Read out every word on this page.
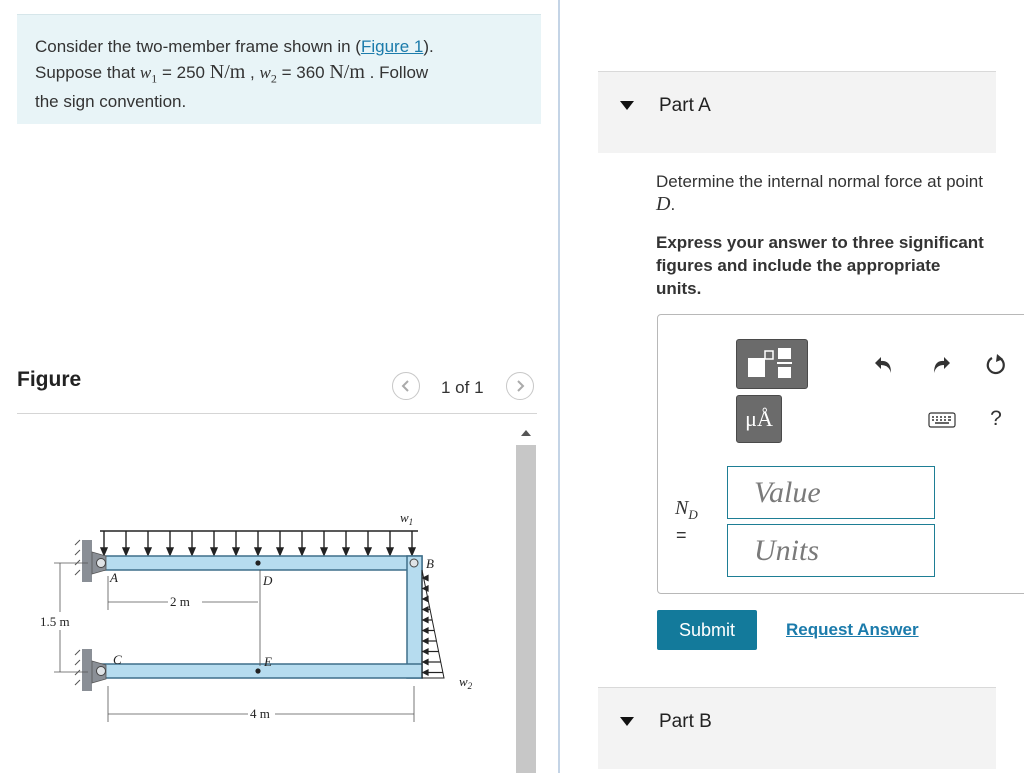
Consider the two-member frame shown in (Figure 1).
Suppose that $w_1 = 250$ N/m , $w_2 = 360$ N/m . Follow
the sign convention.
Figure	1 of 1
$w_1$
$w_2$
A
B
C
D
E
2 m
1.5 m
4 m
Part A
Determine the internal normal force at point D.
Express your answer to three significant figures and include the appropriate units.
μÅ	?
$N_D$
=
Value
Units
Submit	Request Answer
Part B
